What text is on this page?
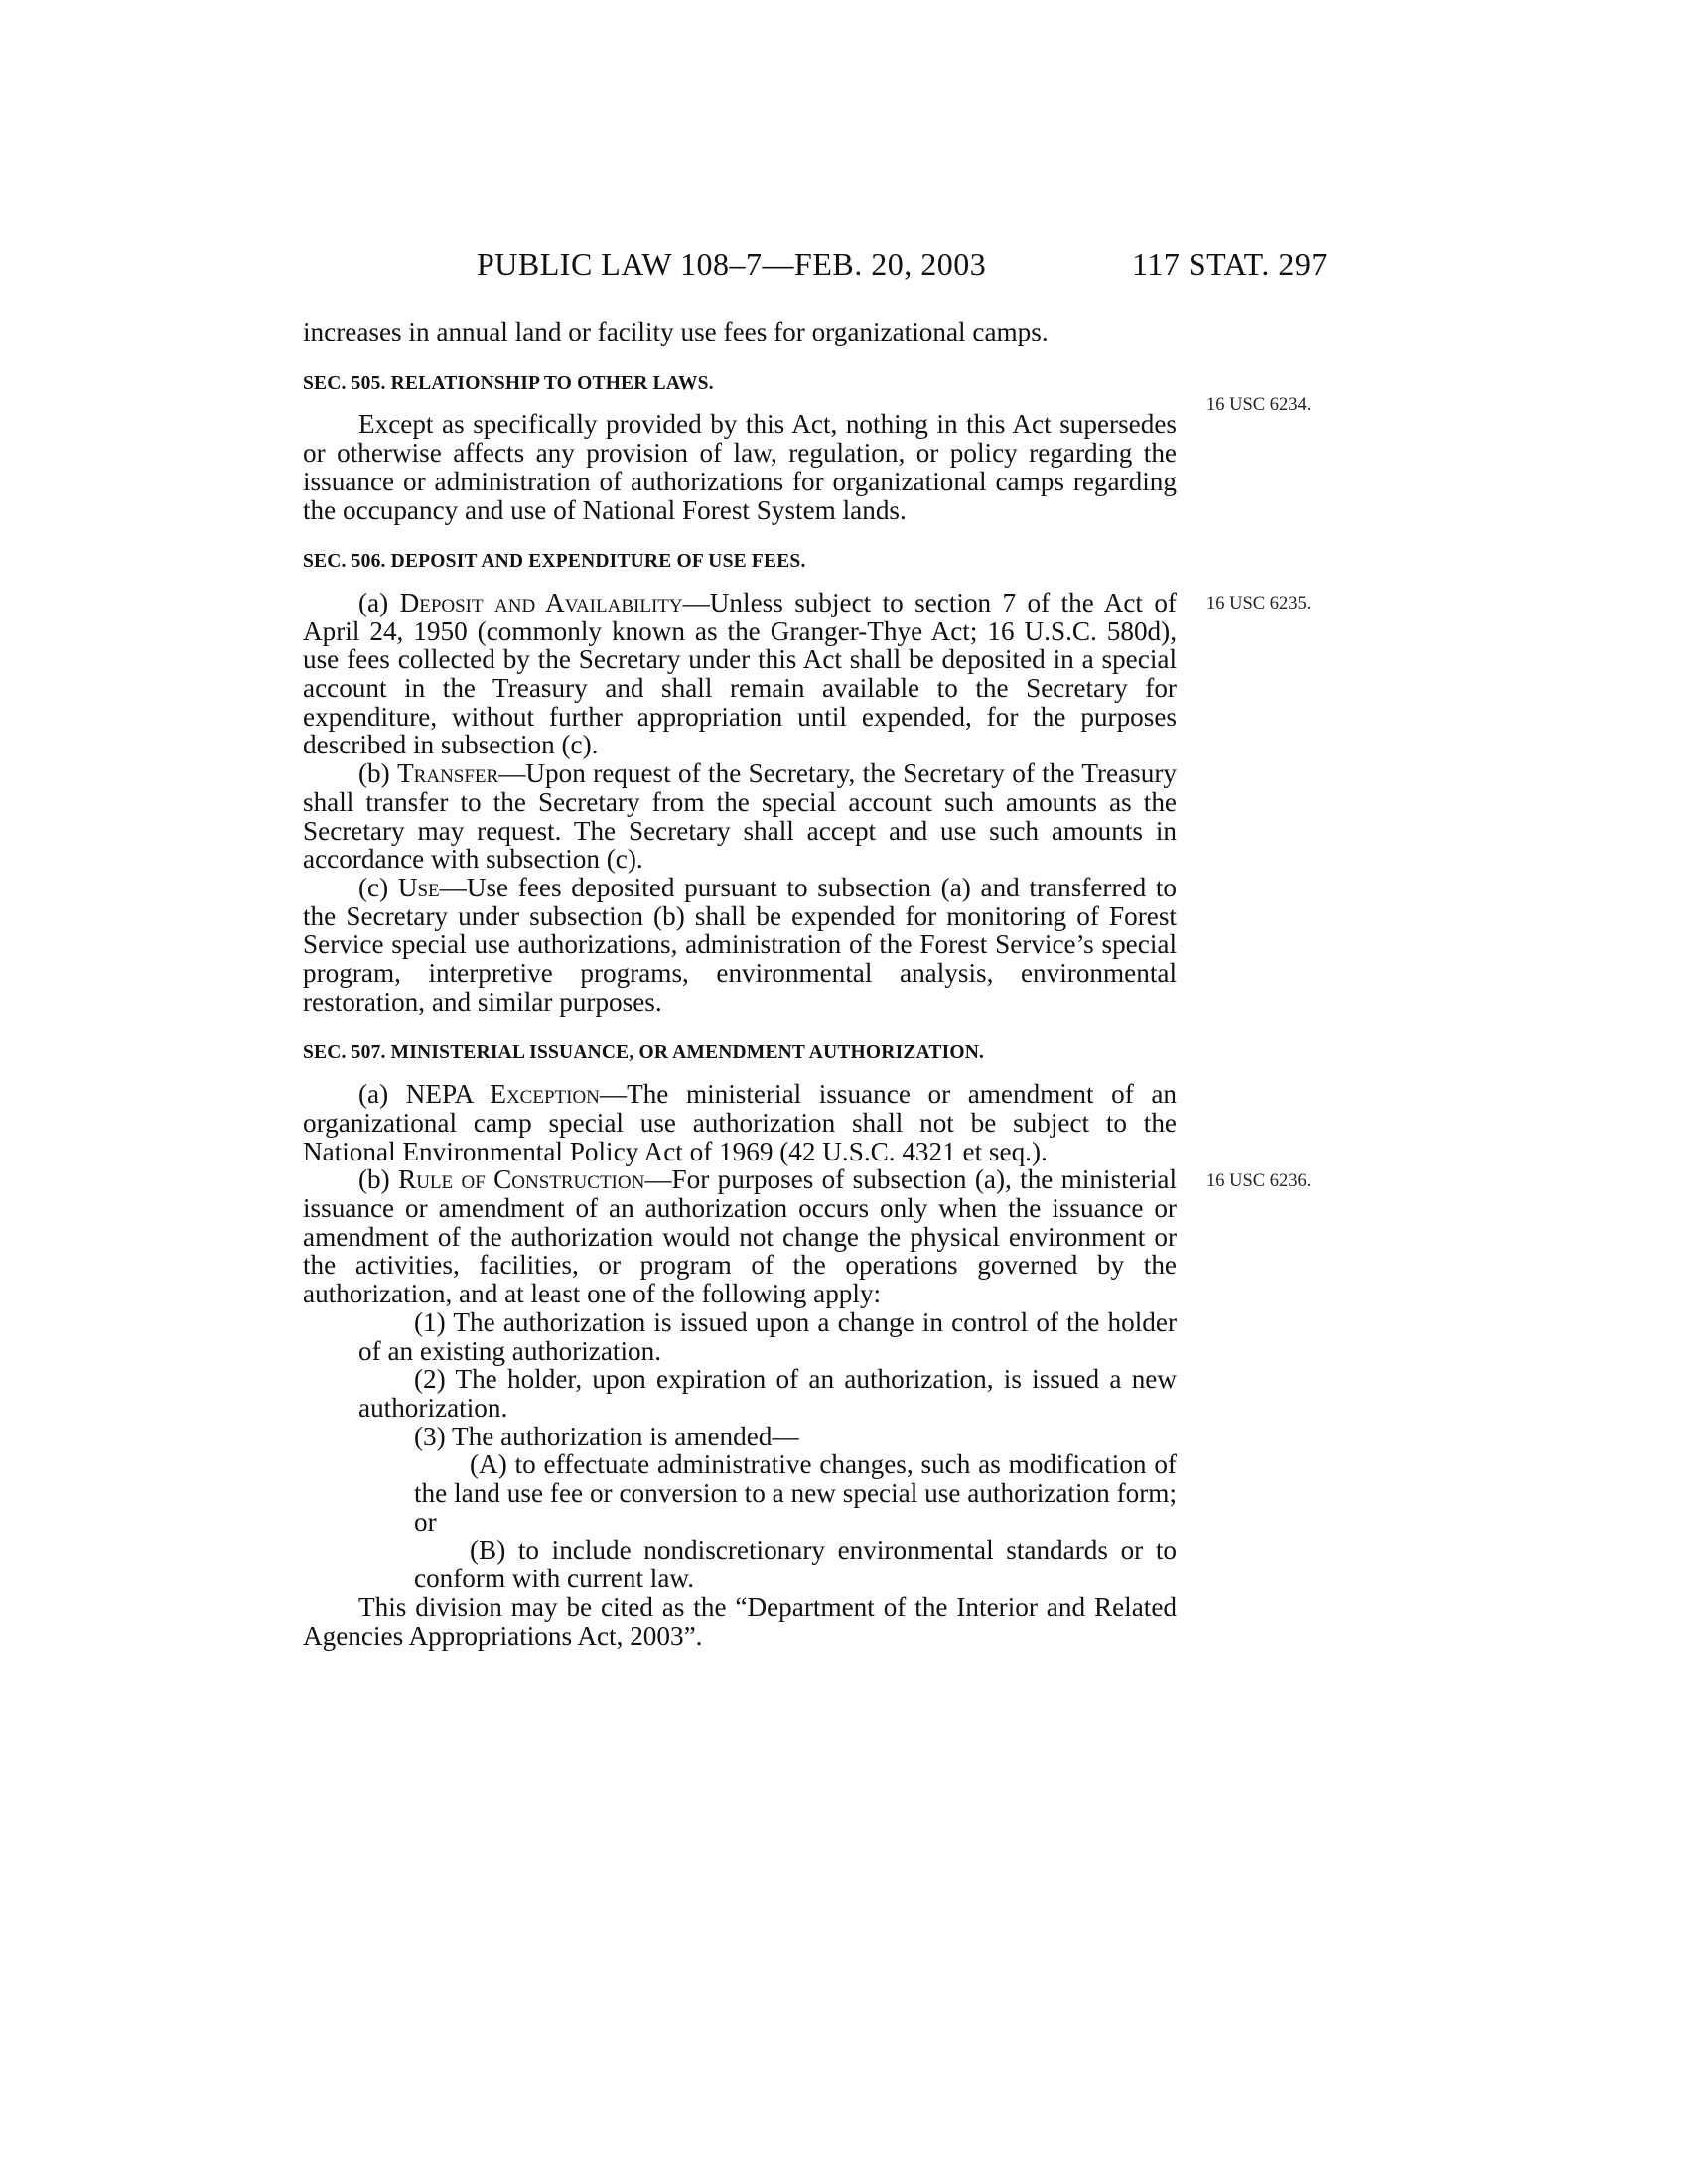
PUBLIC LAW 108–7—FEB. 20, 2003	117 STAT. 297
16 USC 6234.
16 USC 6235.
16 USC 6236.

increases in annual land or facility use fees for organizational camps.

SEC. 505. RELATIONSHIP TO OTHER LAWS.

Except as specifically provided by this Act, nothing in this Act supersedes or otherwise affects any provision of law, regulation, or policy regarding the issuance or administration of authorizations for organizational camps regarding the occupancy and use of National Forest System lands.

SEC. 506. DEPOSIT AND EXPENDITURE OF USE FEES.

(a) Deposit and Availability—Unless subject to section 7 of the Act of April 24, 1950 (commonly known as the Granger-Thye Act; 16 U.S.C. 580d), use fees collected by the Secretary under this Act shall be deposited in a special account in the Treasury and shall remain available to the Secretary for expenditure, without further appropriation until expended, for the purposes described in subsection (c).

(b) Transfer—Upon request of the Secretary, the Secretary of the Treasury shall transfer to the Secretary from the special account such amounts as the Secretary may request. The Secretary shall accept and use such amounts in accordance with subsection (c).

(c) Use—Use fees deposited pursuant to subsection (a) and transferred to the Secretary under subsection (b) shall be expended for monitoring of Forest Service special use authorizations, administration of the Forest Service’s special program, interpretive programs, environmental analysis, environmental restoration, and similar purposes.

SEC. 507. MINISTERIAL ISSUANCE, OR AMENDMENT AUTHORIZATION.

(a) NEPA Exception—The ministerial issuance or amendment of an organizational camp special use authorization shall not be subject to the National Environmental Policy Act of 1969 (42 U.S.C. 4321 et seq.).

(b) Rule of Construction—For purposes of subsection (a), the ministerial issuance or amendment of an authorization occurs only when the issuance or amendment of the authorization would not change the physical environment or the activities, facilities, or program of the operations governed by the authorization, and at least one of the following apply:

(1) The authorization is issued upon a change in control of the holder of an existing authorization.

(2) The holder, upon expiration of an authorization, is issued a new authorization.

(3) The authorization is amended—

(A) to effectuate administrative changes, such as modification of the land use fee or conversion to a new special use authorization form; or

(B) to include nondiscretionary environmental standards or to conform with current law.

This division may be cited as the “Department of the Interior and Related Agencies Appropriations Act, 2003”.
